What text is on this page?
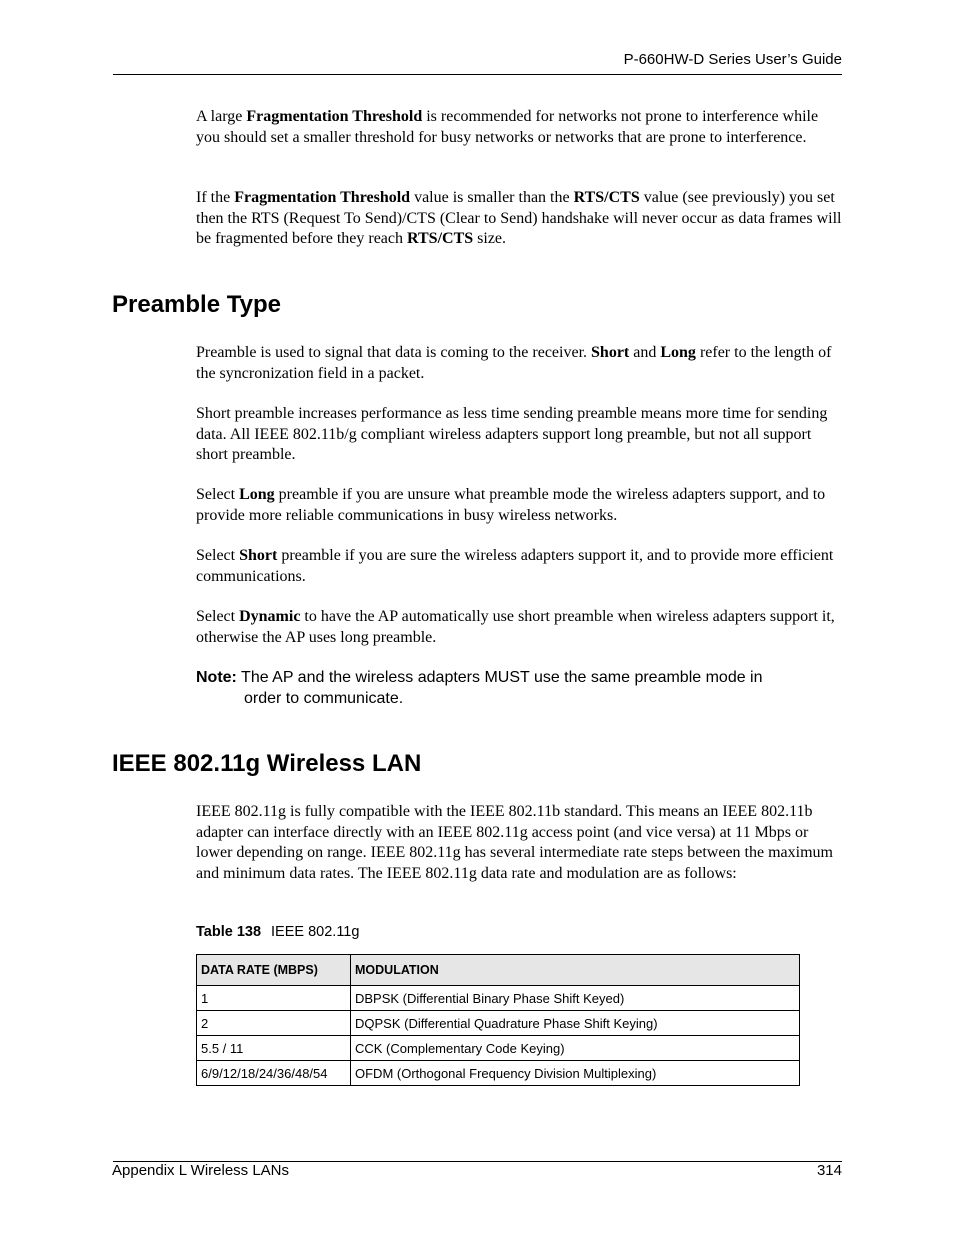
P-660HW-D Series User’s Guide

A large Fragmentation Threshold is recommended for networks not prone to interference while you should set a smaller threshold for busy networks or networks that are prone to interference.

If the Fragmentation Threshold value is smaller than the RTS/CTS value (see previously) you set then the RTS (Request To Send)/CTS (Clear to Send) handshake will never occur as data frames will be fragmented before they reach RTS/CTS size.

Preamble Type

Preamble is used to signal that data is coming to the receiver. Short and Long refer to the length of the syncronization field in a packet.

Short preamble increases performance as less time sending preamble means more time for sending data. All IEEE 802.11b/g compliant wireless adapters support long preamble, but not all support short preamble.

Select Long preamble if you are unsure what preamble mode the wireless adapters support, and to provide more reliable communications in busy wireless networks.

Select Short preamble if you are sure the wireless adapters support it, and to provide more efficient communications.

Select Dynamic to have the AP automatically use short preamble when wireless adapters support it, otherwise the AP uses long preamble.

Note: The AP and the wireless adapters MUST use the same preamble mode in
order to communicate.
IEEE 802.11g Wireless LAN

IEEE 802.11g is fully compatible with the IEEE 802.11b standard. This means an IEEE 802.11b adapter can interface directly with an IEEE 802.11g access point (and vice versa) at 11 Mbps or lower depending on range. IEEE 802.11g has several intermediate rate steps between the maximum and minimum data rates. The IEEE 802.11g data rate and modulation are as follows:

Table 138 IEEE 802.11g
DATA RATE (MBPS)	MODULATION
1	DBPSK (Differential Binary Phase Shift Keyed)
2	DQPSK (Differential Quadrature Phase Shift Keying)
5.5 / 11	CCK (Complementary Code Keying)
6/9/12/18/24/36/48/54	OFDM (Orthogonal Frequency Division Multiplexing)
Appendix L Wireless LANs	314
